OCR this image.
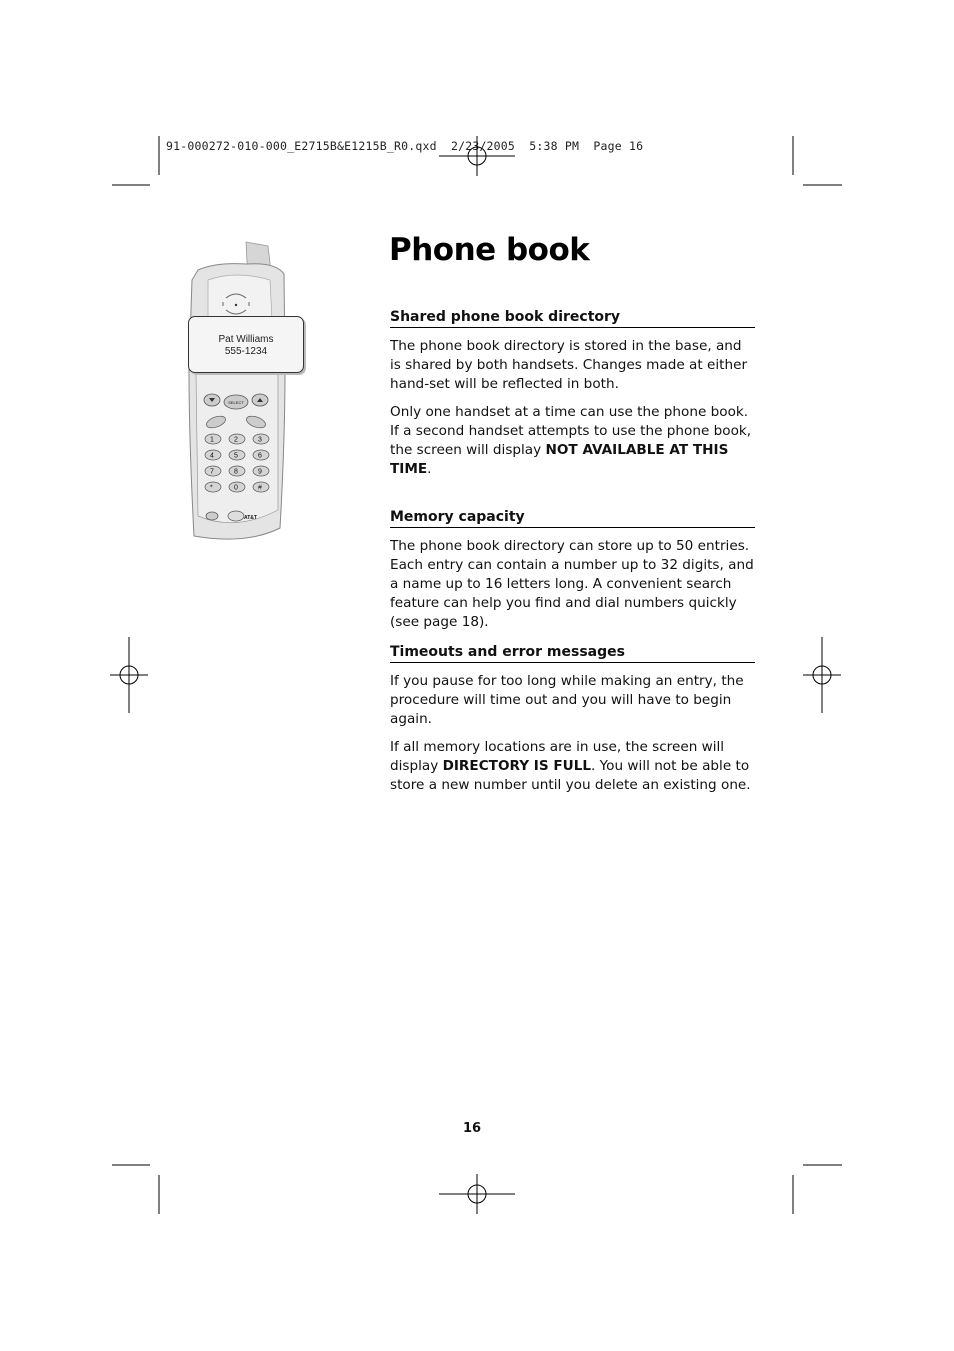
91-000272-010-000_E2715B&E1215B_R0.qxd  2/23/2005  5:38 PM  Page 16
SELECT
1	2	3
4	5	6
7	8	9
*	0	#
AT&T
Pat Williams
555-1234
Phone book
Shared phone book directory

The phone book directory is stored in the base, and is shared by both handsets. Changes made at either hand-set will be reflected in both.

Only one handset at a time can use the phone book. If a second handset attempts to use the phone book, the screen will display NOT AVAILABLE AT THIS TIME.

Memory capacity

The phone book directory can store up to 50 entries. Each entry can contain a number up to 32 digits, and a name up to 16 letters long. A convenient search feature can help you find and dial numbers quickly (see page 18).

Timeouts and error messages

If you pause for too long while making an entry, the procedure will time out and you will have to begin again.

If all memory locations are in use, the screen will display DIRECTORY IS FULL. You will not be able to store a new number until you delete an existing one.

16
